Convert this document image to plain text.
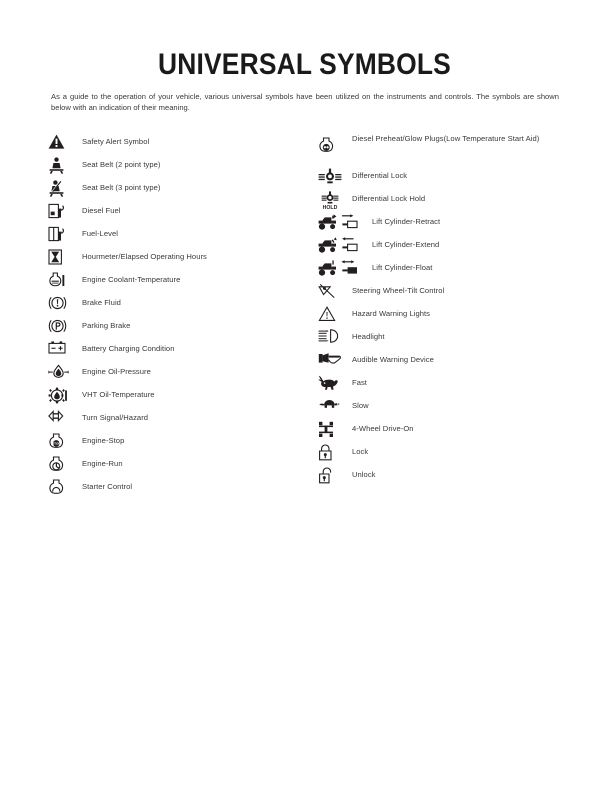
UNIVERSAL SYMBOLS
As a guide to the operation of your vehicle, various universal symbols have been utilized on the instruments and controls. The symbols are shown below with an indication of their meaning.
Safety Alert Symbol
Seat Belt (2 point type)
Seat Belt (3 point type)
Diesel Fuel
Fuel-Level
Hourmeter/Elapsed Operating Hours
Engine Coolant-Temperature
Brake Fluid
Parking Brake
Battery Charging Condition
Engine Oil-Pressure
VHT Oil-Temperature
Turn Signal/Hazard
STOP	Engine-Stop
Engine-Run
Starter Control
Diesel Preheat/Glow Plugs(Low Temperature Start Aid)
Differential Lock
HOLD
Differential Lock Hold
Lift Cylinder-Retract
Lift Cylinder-Extend
Lift Cylinder-Float
Steering Wheel-Tilt Control
Hazard Warning Lights
Headlight
Audible Warning Device
Fast
Slow
4-Wheel Drive-On
Lock
Unlock
